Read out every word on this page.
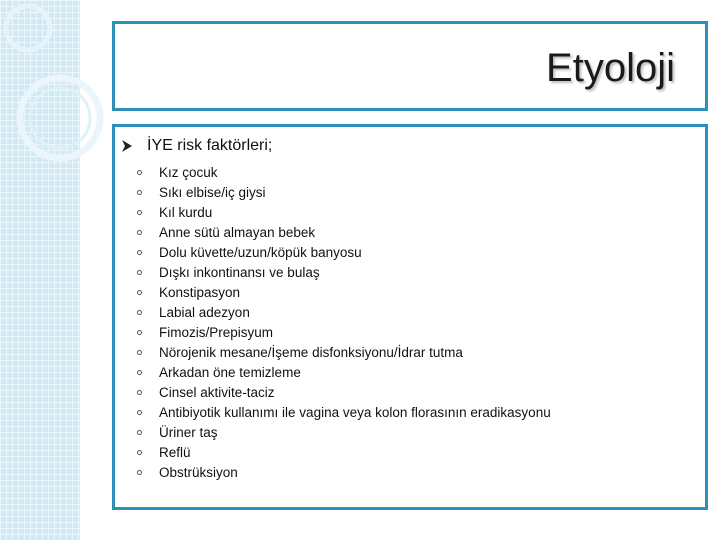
Etyoloji
İYE risk faktörleri;
Kız çocuk
Sıkı elbise/iç giysi
Kıl kurdu
Anne sütü almayan bebek
Dolu küvette/uzun/köpük banyosu
Dışkı inkontinansı ve bulaş
Konstipasyon
Labial adezyon
Fimozis/Prepisyum
Nörojenik mesane/İşeme disfonksiyonu/İdrar tutma
Arkadan öne temizleme
Cinsel aktivite-taciz
Antibiyotik kullanımı ile vagina veya kolon florasının eradikasyonu
Üriner taş
Reflü
Obstrüksiyon
